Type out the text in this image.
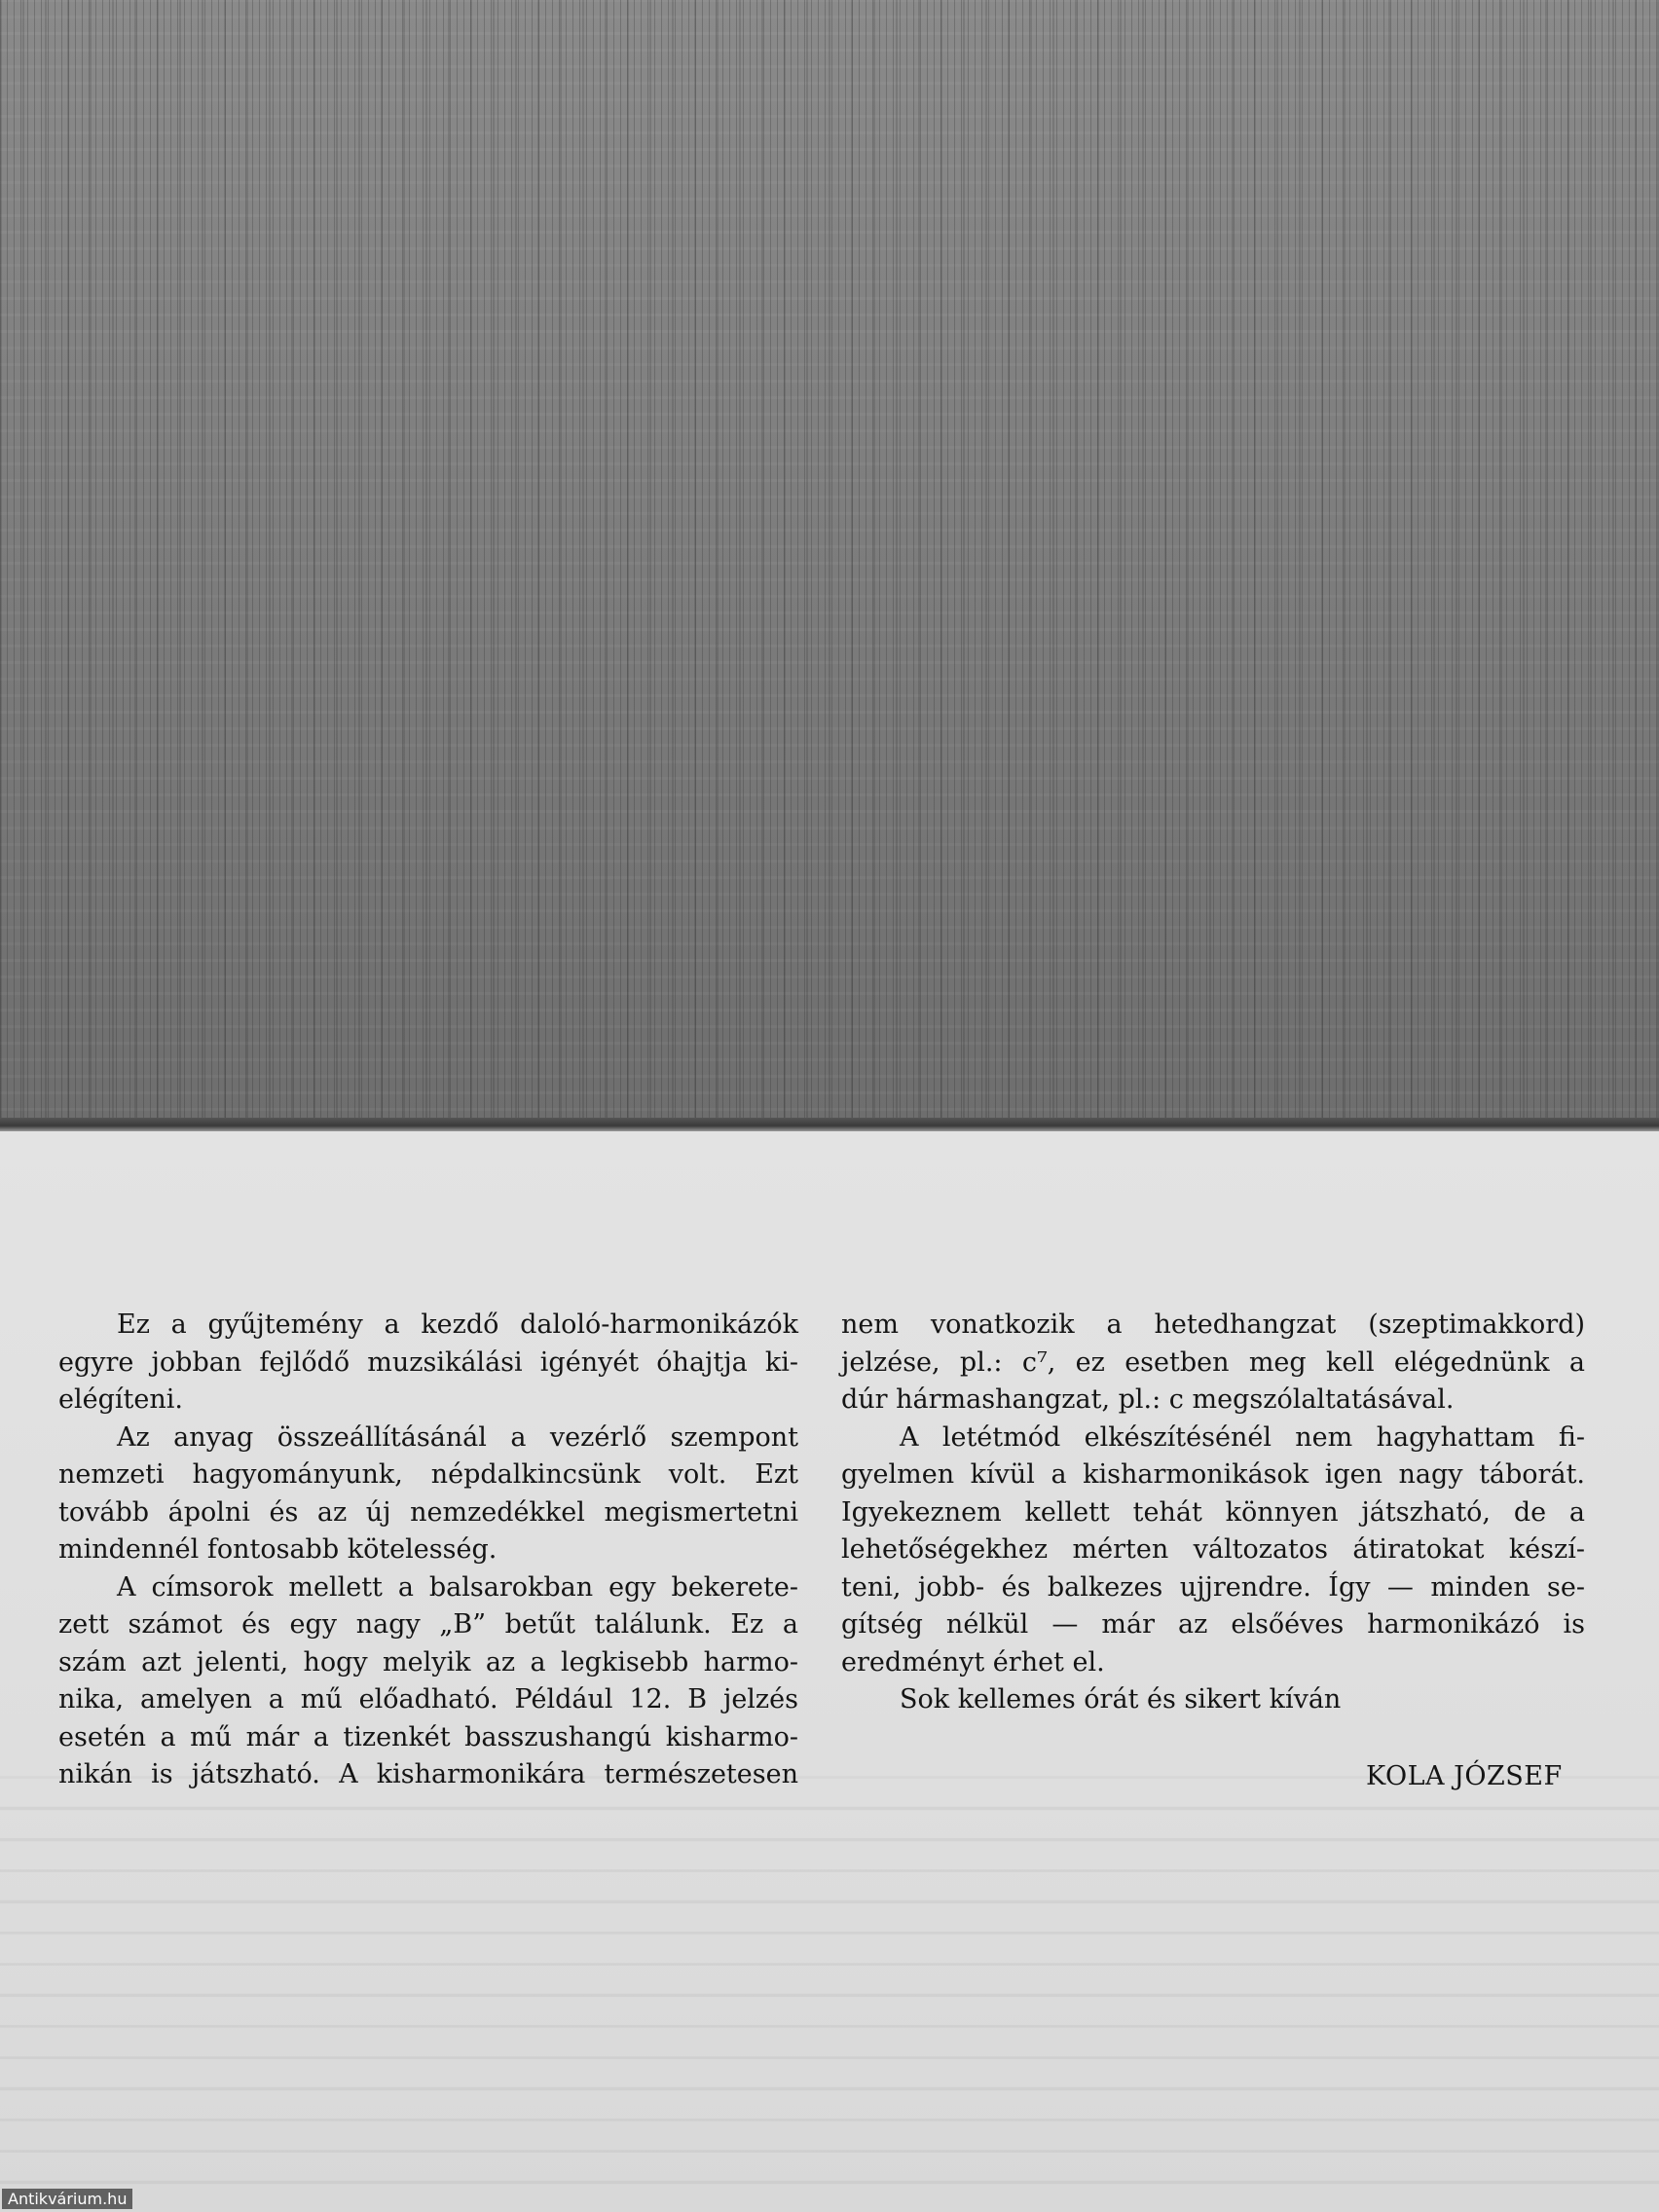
Ez a gyűjtemény a kezdő daloló-harmonikázók
egyre jobban fejlődő muzsikálási igényét óhajtja ki-
elégíteni.
Az anyag összeállításánál a vezérlő szempont
nemzeti hagyományunk, népdalkincsünk volt. Ezt
tovább ápolni és az új nemzedékkel megismertetni
mindennél fontosabb kötelesség.
A címsorok mellett a balsarokban egy bekerete-
zett számot és egy nagy „B” betűt találunk. Ez a
szám azt jelenti, hogy melyik az a legkisebb harmo-
nika, amelyen a mű előadható. Például 12. B jelzés
esetén a mű már a tizenkét basszushangú kisharmo-
nikán is játszható. A kisharmonikára természetesen
nem vonatkozik a hetedhangzat (szeptimakkord)
jelzése, pl.: c⁷, ez esetben meg kell elégednünk a
dúr hármashangzat, pl.: c megszólaltatásával.
A letétmód elkészítésénél nem hagyhattam fi-
gyelmen kívül a kisharmonikások igen nagy táborát.
Igyekeznem kellett tehát könnyen játszható, de a
lehetőségekhez mérten változatos átiratokat készí-
teni, jobb- és balkezes ujjrendre. Így — minden se-
gítség nélkül — már az elsőéves harmonikázó is
eredményt érhet el.
Sok kellemes órát és sikert kíván
KOLA JÓZSEF
Antikvárium.hu
